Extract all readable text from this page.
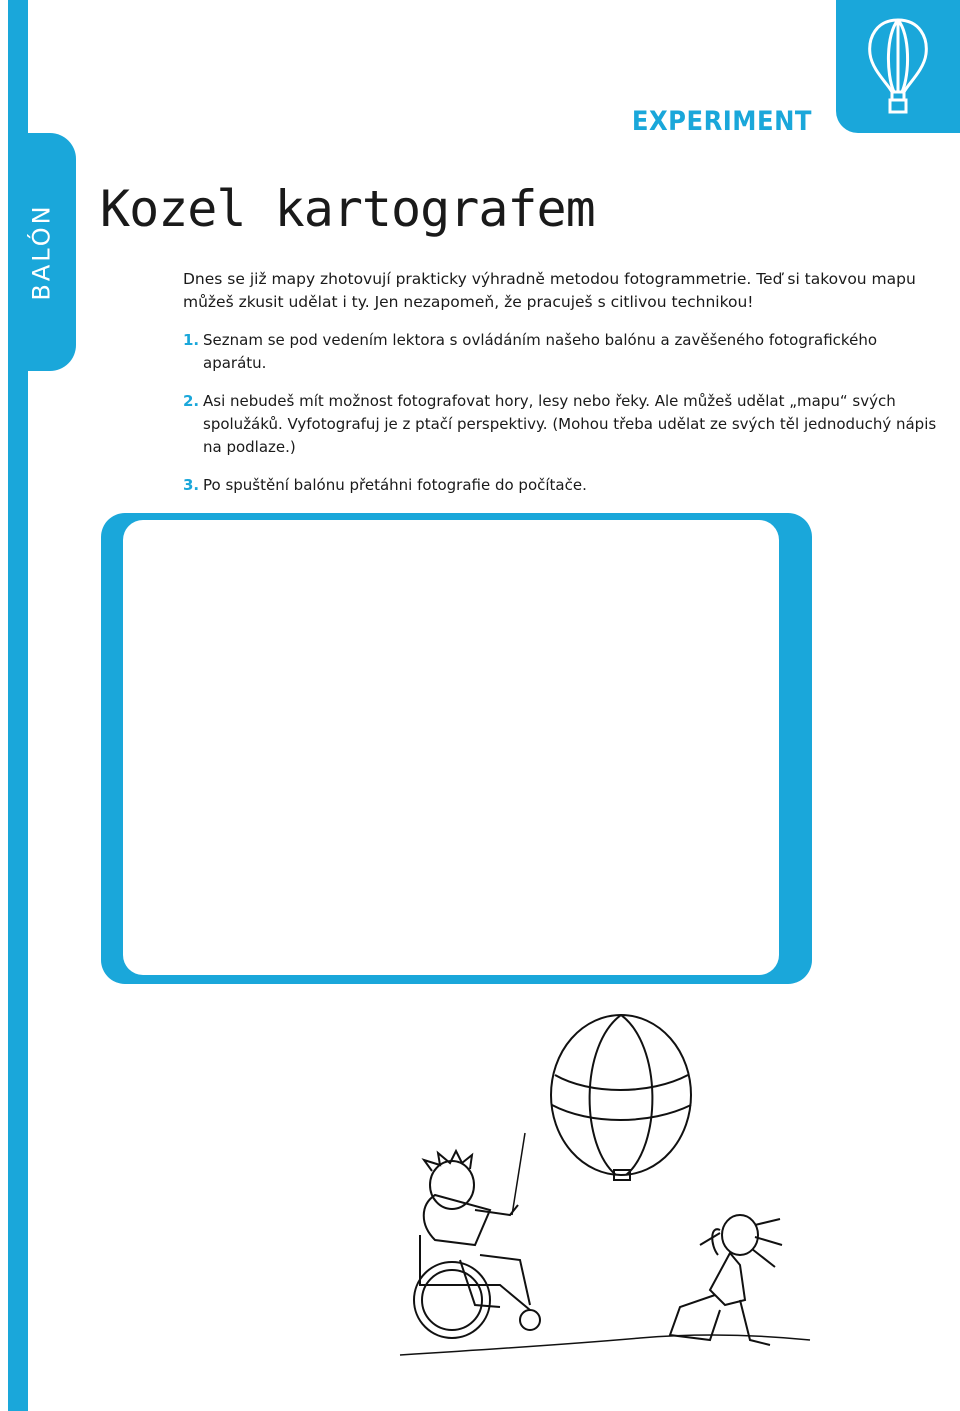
BALÓN
EXPERIMENT
Kozel kartografem
Dnes se již mapy zhotovují prakticky výhradně metodou fotogrammetrie. Teď si takovou mapu můžeš zkusit udělat i ty. Jen nezapomeň, že pracuješ s citlivou technikou!
1. Seznam se pod vedením lektora s ovládáním našeho balónu a zavěšeného fotografického aparátu.
2. Asi nebudeš mít možnost fotografovat hory, lesy nebo řeky. Ale můžeš udělat „mapu“ svých spolužáků. Vyfotografuj je z ptačí perspektivy. (Mohou třeba udělat ze svých těl jednoduchý nápis na podlaze.)
3. Po spuštění balónu přetáhni fotografie do počítače.
